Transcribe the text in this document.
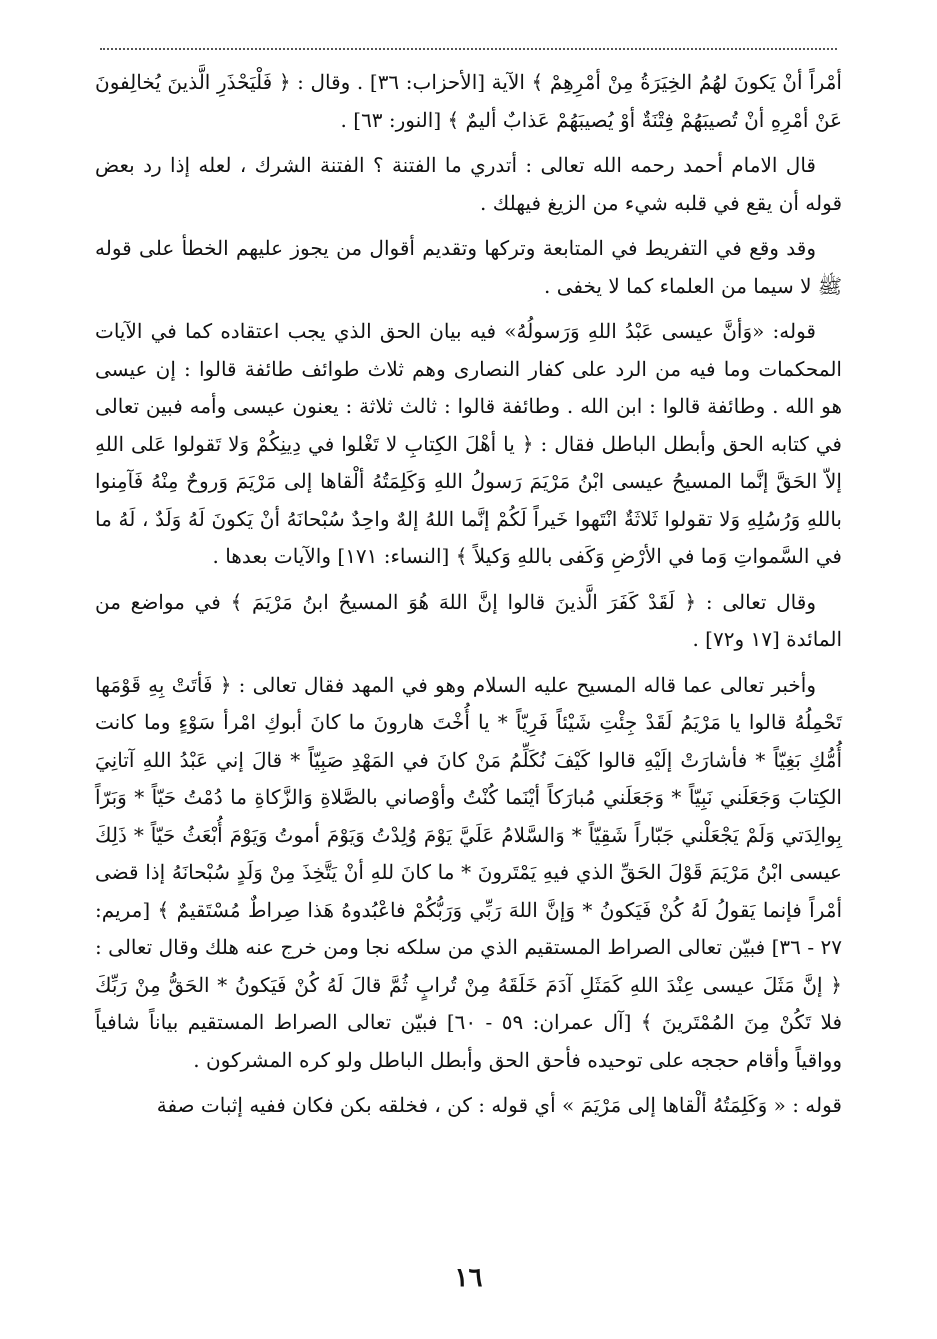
أمْراً أنْ يَكونَ لهُمُ الخِيَرَةُ مِنْ أمْرِهِمْ ﴾ الآية [الأحزاب: ٣٦] . وقال : ﴿ فَلْيَحْذَرِ الَّذينَ يُخالِفونَ عَنْ أمْرِهِ أنْ تُصيبَهُمْ فِتْنَةٌ أوْ يُصيبَهُمْ عَذابٌ أليمٌ ﴾ [النور: ٦٣] .

قال الامام أحمد رحمه الله تعالى : أتدري ما الفتنة ؟ الفتنة الشرك ، لعله إذا رد بعض قوله أن يقع في قلبه شيء من الزيغ فيهلك .

وقد وقع في التفريط في المتابعة وتركها وتقديم أقوال من يجوز عليهم الخطأ على قوله ﷺ لا سيما من العلماء كما لا يخفى .

قوله: «وَأنَّ عيسى عَبْدُ اللهِ وَرَسولُهُ» فيه بيان الحق الذي يجب اعتقاده كما في الآيات المحكمات وما فيه من الرد على كفار النصارى وهم ثلاث طوائف طائفة قالوا : إن عيسى هو الله . وطائفة قالوا : ابن الله . وطائفة قالوا : ثالث ثلاثة : يعنون عيسى وأمه فبين تعالى في كتابه الحق وأبطل الباطل فقال : ﴿ يا أهْلَ الكِتابِ لا تَغْلوا في دِينِكُمْ وَلا تَقولوا عَلى اللهِ إلاّ الحَقَّ إنَّما المسيحُ عيسى ابْنُ مَرْيَمَ رَسولُ اللهِ وَكَلِمَتُهُ ألْقاها إلى مَرْيَمَ وَروحٌ مِنْهُ فَآمِنوا باللهِ وَرُسُلِهِ وَلا تقولوا ثَلاثَةٌ انْتَهوا خَيراً لَكُمْ إنَّما اللهُ إلهٌ واحِدٌ سُبْحانَهُ أنْ يَكونَ لَهُ وَلَدٌ ، لَهُ ما في السَّمواتِ وَما في الأرْضِ وَكَفى باللهِ وَكيلاً ﴾ [النساء: ١٧١] والآيات بعدها .

وقال تعالى : ﴿ لَقَدْ كَفَرَ الَّذينَ قالوا إنَّ اللهَ هُوَ المسيحُ ابنُ مَرْيَمَ ﴾ في مواضع من المائدة [١٧ و٧٢] .

وأخبر تعالى عما قاله المسيح عليه السلام وهو في المهد فقال تعالى : ﴿ فَأتَتْ بِهِ قَوْمَها تَحْمِلُهُ قالوا يا مَرْيَمُ لَقَدْ جِئْتِ شَيْئاً فَرِيّاً * يا أُخْتَ هارونَ ما كانَ أبوكِ امْرأ سَوْءٍ وما كانت أُمُّكِ بَغِيّاً * فأشارَتْ إلَيْهِ قالوا كَيْفَ نُكَلِّمُ مَنْ كانَ في المَهْدِ صَبِيّاً * قالَ إني عَبْدُ اللهِ آتانِيَ الكِتابَ وَجَعَلَني نَبِيّاً * وَجَعَلَني مُبارَكاً أيْنَما كُنْتُ وأوْصاني بالصَّلاةِ وَالزَّكاةِ ما دُمْتُ حَيّاً * وَبَرّاً بِوالِدَتي وَلَمْ يَجْعَلْني جَبّاراً شَقِيّاً * وَالسَّلامُ عَلَيَّ يَوْمَ وُلِدْتُ وَيَوْمَ أموتُ وَيَوْمَ أُبْعَثُ حَيّاً * ذَلِكَ عيسى ابْنُ مَرْيَمَ قَوْلَ الحَقِّ الذي فيهِ يَمْتَرونَ * ما كانَ للهِ أنْ يَتَّخِذَ مِنْ وَلَدٍ سُبْحانَهُ إذا قضى أمْراً فإنما يَقولُ لَهُ كُنْ فَيَكونُ * وَإنَّ اللهَ رَبِّي وَرَبُّكُمْ فاعْبُدوهُ هَذا صِراطٌ مُسْتَقيمٌ ﴾ [مريم: ٢٧ - ٣٦] فبيّن تعالى الصراط المستقيم الذي من سلكه نجا ومن خرج عنه هلك وقال تعالى : ﴿ إنَّ مَثَلَ عيسى عِنْدَ اللهِ كَمَثَلِ آدَمَ خَلَقَهُ مِنْ تُرابٍ ثُمَّ قالَ لَهُ كُنْ فَيَكونُ * الحَقُّ مِنْ رَبِّكَ فلا تَكُنْ مِنَ المُمْتَرينَ ﴾ [آل عمران: ٥٩ - ٦٠] فبيّن تعالى الصراط المستقيم بياناً شافياً وواقياً وأقام حججه على توحيده فأحق الحق وأبطل الباطل ولو كره المشركون .

قوله : « وَكَلِمَتُهُ ألْقاها إلى مَرْيَمَ » أي قوله : كن ، فخلقه بكن فكان ففيه إثبات صفة

١٦
